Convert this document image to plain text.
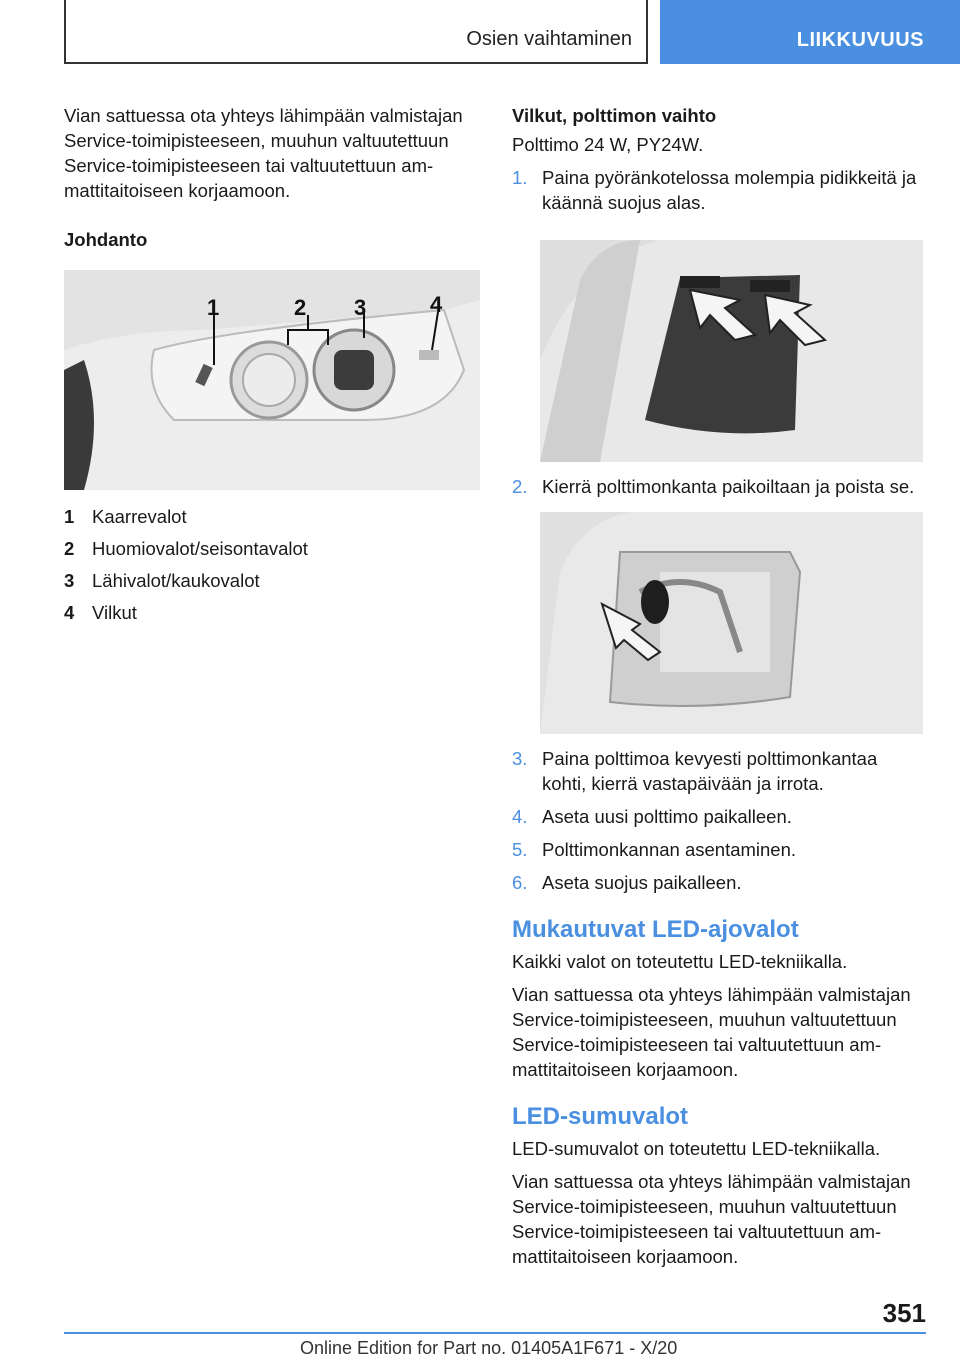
Osien vaihtaminen	LIIKKUVUUS

Vian sattuessa ota yhteys lähimpään valmistajan
Service-toimipisteeseen, muuhun valtuutettuun
Service-toimipisteeseen tai valtuutettuun am-
mattitaitoiseen korjaamoon.

Johdanto
1	2 3	4
1 Kaarrevalot
2 Huomiovalot/seisontavalot
3 Lähivalot/kaukovalot
4 Vilkut
Vilkut, polttimon vaihto

Polttimo 24 W, PY24W.

1. Paina pyöränkotelossa molempia pidikkeitä ja
käännä suojus alas.
2. Kierrä polttimonkanta paikoiltaan ja poista se.
3. Paina polttimoa kevyesti polttimonkantaa
kohti, kierrä vastapäivään ja irrota.
4. Aseta uusi polttimo paikalleen.
5. Polttimonkannan asentaminen.
6. Aseta suojus paikalleen.
Mukautuvat LED-ajovalot

Kaikki valot on toteutettu LED-tekniikalla.

Vian sattuessa ota yhteys lähimpään valmistajan
Service-toimipisteeseen, muuhun valtuutettuun
Service-toimipisteeseen tai valtuutettuun am-
mattitaitoiseen korjaamoon.

LED-sumuvalot

LED-sumuvalot on toteutettu LED-tekniikalla.

Vian sattuessa ota yhteys lähimpään valmistajan
Service-toimipisteeseen, muuhun valtuutettuun
Service-toimipisteeseen tai valtuutettuun am-
mattitaitoiseen korjaamoon.

351
Online Edition for Part no. 01405A1F671 - X/20
